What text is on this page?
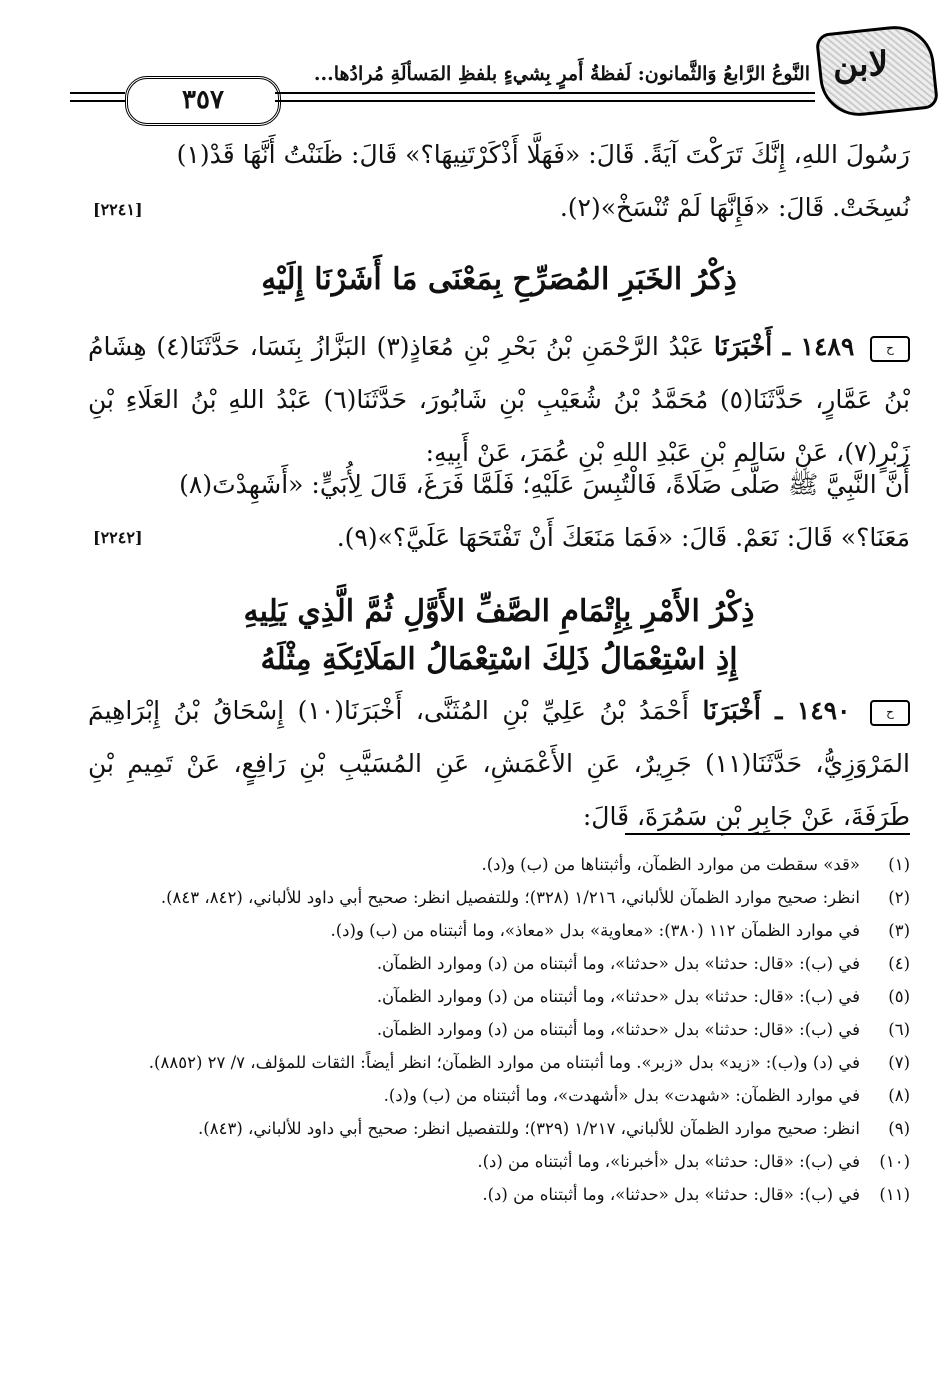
لابن
النَّوعُ الرَّابعُ وَالثَّمانون: لَفظةُ أَمرٍ بِشيءٍ بلفظِ المَسألَةِ مُرادُها...
٣٥٧
رَسُولَ اللهِ، إِنَّكَ تَرَكْتَ آيَةً. قَالَ: «فَهَلَّا أَذْكَرْتَنِيهَا؟» قَالَ: ظَنَنْتُ أَنَّهَا قَدْ(١)
نُسِخَتْ. قَالَ: «فَإِنَّهَا لَمْ تُنْسَخْ»(٢).
[٢٢٤١]
ذِكْرُ الخَبَرِ المُصَرِّحِ بِمَعْنَى مَا أَشَرْنَا إِلَيْهِ
ح ١٤٨٩ ـ أَخْبَرَنَا عَبْدُ الرَّحْمَنِ بْنُ بَحْرِ بْنِ مُعَاذٍ(٣) البَزَّازُ بِنَسَا، حَدَّثَنَا(٤) هِشَامُ بْنُ عَمَّارٍ، حَدَّثَنَا(٥) مُحَمَّدُ بْنُ شُعَيْبِ بْنِ شَابُورَ، حَدَّثَنَا(٦) عَبْدُ اللهِ بْنُ العَلَاءِ بْنِ زَبْرٍ(٧)، عَنْ سَالِمِ بْنِ عَبْدِ اللهِ بْنِ عُمَرَ، عَنْ أَبِيهِ:
أَنَّ النَّبِيَّ ﷺ صَلَّى صَلَاةً، فَالْتُبِسَ عَلَيْهِ؛ فَلَمَّا فَرَغَ، قَالَ لِأُبَيٍّ: «أَشَهِدْتَ(٨)
مَعَنَا؟» قَالَ: نَعَمْ. قَالَ: «فَمَا مَنَعَكَ أَنْ تَفْتَحَهَا عَلَيَّ؟»(٩).
[٢٢٤٢]
ذِكْرُ الأَمْرِ بِإِتْمَامِ الصَّفِّ الأَوَّلِ ثُمَّ الَّذِي يَلِيهِ
إِذِ اسْتِعْمَالُ ذَلِكَ اسْتِعْمَالُ المَلَائِكَةِ مِثْلَهُ
ح ١٤٩٠ ـ أَخْبَرَنَا أَحْمَدُ بْنُ عَلِيِّ بْنِ المُثَنَّى، أَخْبَرَنَا(١٠) إِسْحَاقُ بْنُ إِبْرَاهِيمَ المَرْوَزِيُّ، حَدَّثَنَا(١١) جَرِيرٌ، عَنِ الأَعْمَشِ، عَنِ المُسَيَّبِ بْنِ رَافِعٍ، عَنْ تَمِيمِ بْنِ طَرَفَةَ، عَنْ جَابِرِ بْنِ سَمُرَةَ، قَالَ:
(١)
«قد» سقطت من موارد الظمآن، وأثبتناها من (ب) و(د).
(٢)
انظر: صحيح موارد الظمآن للألباني، ١/٢١٦ (٣٢٨)؛ وللتفصيل انظر: صحيح أبي داود للألباني، (٨٤٢، ٨٤٣).
(٣)
في موارد الظمآن ١١٢ (٣٨٠): «معاوية» بدل «معاذ»، وما أثبتناه من (ب) و(د).
(٤)
في (ب): «قال: حدثنا» بدل «حدثنا»، وما أثبتناه من (د) وموارد الظمآن.
(٥)
في (ب): «قال: حدثنا» بدل «حدثنا»، وما أثبتناه من (د) وموارد الظمآن.
(٦)
في (ب): «قال: حدثنا» بدل «حدثنا»، وما أثبتناه من (د) وموارد الظمآن.
(٧)
في (د) و(ب): «زيد» بدل «زبر». وما أثبتناه من موارد الظمآن؛ انظر أيضاً: الثقات للمؤلف، ٧/ ٢٧ (٨٨٥٢).
(٨)
في موارد الظمآن: «شهدت» بدل «أشهدت»، وما أثبتناه من (ب) و(د).
(٩)
انظر: صحيح موارد الظمآن للألباني، ١/٢١٧ (٣٢٩)؛ وللتفصيل انظر: صحيح أبي داود للألباني، (٨٤٣).
(١٠)
في (ب): «قال: حدثنا» بدل «أخبرنا»، وما أثبتناه من (د).
(١١)
في (ب): «قال: حدثنا» بدل «حدثنا»، وما أثبتناه من (د).
